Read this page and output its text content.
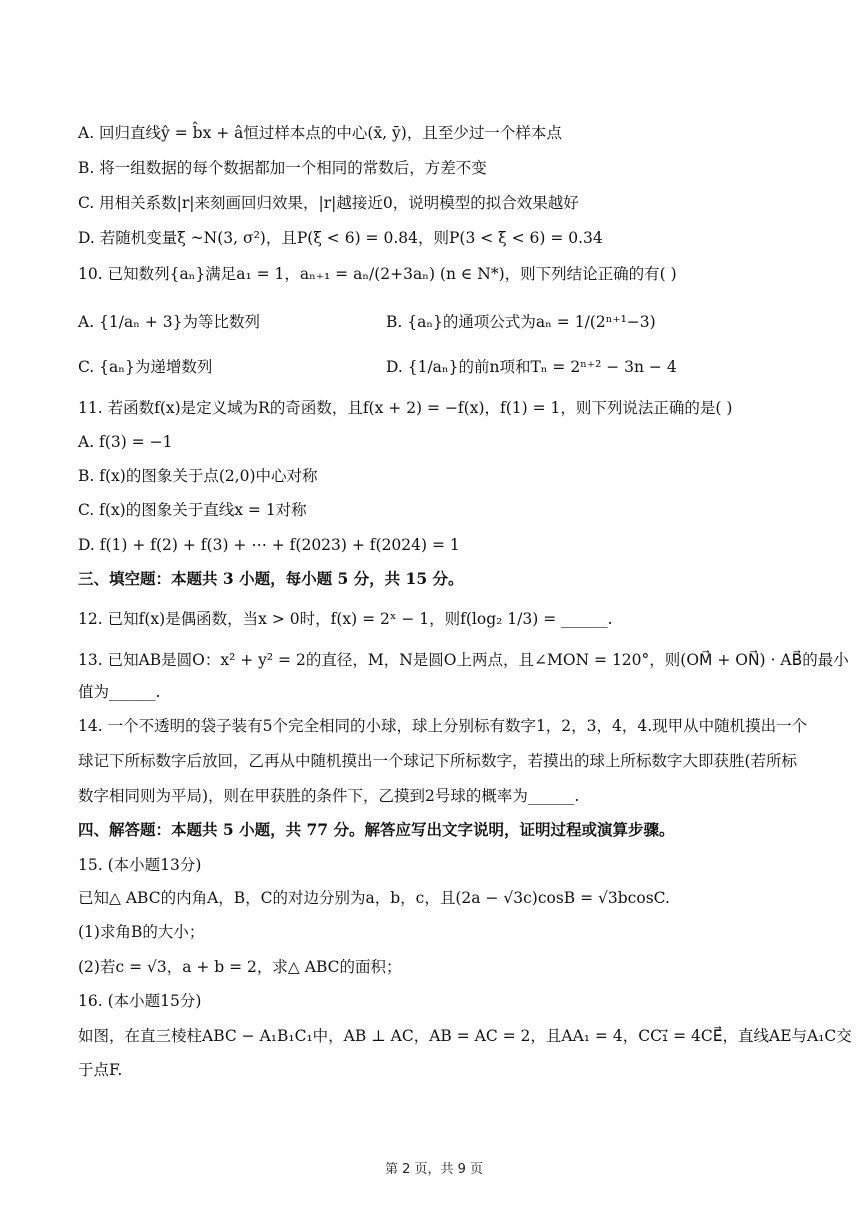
A. 回归直线ŷ = b̂x + â恒过样本点的中心(x̄, ȳ)，且至少过一个样本点
B. 将一组数据的每个数据都加一个相同的常数后，方差不变
C. 用相关系数|r|来刻画回归效果，|r|越接近0，说明模型的拟合效果越好
D. 若随机变量ξ ~N(3, σ²)，且P(ξ < 6) = 0.84，则P(3 < ξ < 6) = 0.34
10. 已知数列{aₙ}满足a₁ = 1，aₙ₊₁ = aₙ/(2+3aₙ) (n ∈ N*)，则下列结论正确的有( )
A. {1/aₙ + 3}为等比数列	B. {aₙ}的通项公式为aₙ = 1/(2ⁿ⁺¹−3)
C. {aₙ}为递增数列	D. {1/aₙ}的前n项和Tₙ = 2ⁿ⁺² − 3n − 4
11. 若函数f(x)是定义域为R的奇函数，且f(x + 2) = −f(x)，f(1) = 1，则下列说法正确的是( )
A. f(3) = −1
B. f(x)的图象关于点(2,0)中心对称
C. f(x)的图象关于直线x = 1对称
D. f(1) + f(2) + f(3) + ⋯ + f(2023) + f(2024) = 1
三、填空题：本题共 3 小题，每小题 5 分，共 15 分。
12. 已知f(x)是偶函数，当x > 0时，f(x) = 2ˣ − 1，则f(log₂ 1/3) = ______.
13. 已知AB是圆O：x² + y² = 2的直径，M，N是圆O上两点，且∠MON = 120°，则(OM⃗ + ON⃗) · AB⃗的最小
值为______.
14. 一个不透明的袋子装有5个完全相同的小球，球上分别标有数字1，2，3，4，4.现甲从中随机摸出一个
球记下所标数字后放回，乙再从中随机摸出一个球记下所标数字，若摸出的球上所标数字大即获胜(若所标
数字相同则为平局)，则在甲获胜的条件下，乙摸到2号球的概率为______.
四、解答题：本题共 5 小题，共 77 分。解答应写出文字说明，证明过程或演算步骤。
15. (本小题13分)
已知△ ABC的内角A，B，C的对边分别为a，b，c，且(2a − √3c)cosB = √3bcosC.
(1)求角B的大小；
(2)若c = √3，a + b = 2，求△ ABC的面积；
16. (本小题15分)
如图，在直三棱柱ABC − A₁B₁C₁中，AB ⊥ AC，AB = AC = 2，且AA₁ = 4，CC₁⃗ = 4CE⃗，直线AE与A₁C交
于点F.
第 2 页，共 9 页
